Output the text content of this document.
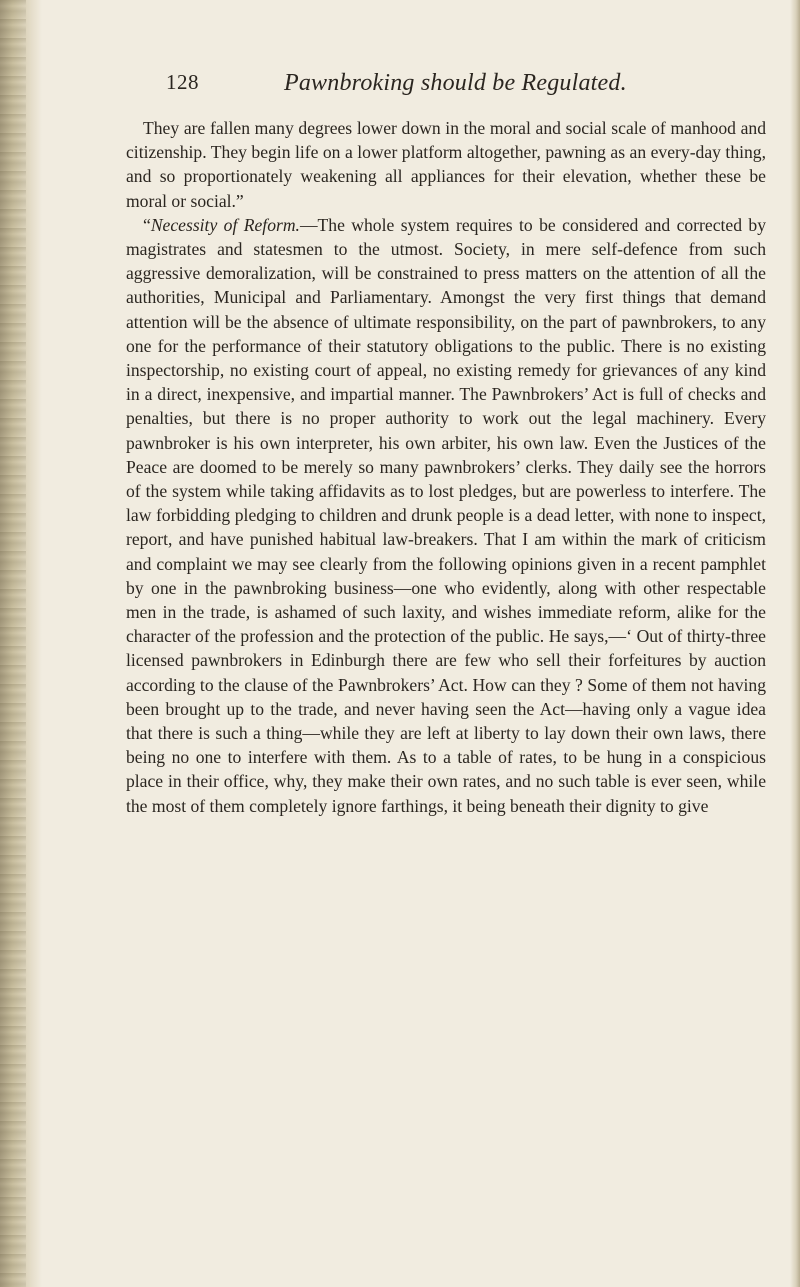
128	Pawnbroking should be Regulated.

They are fallen many degrees lower down in the moral and social scale of manhood and citizenship. They begin life on a lower platform altogether, pawning as an every-day thing, and so proportionately weakening all appliances for their elevation, whether these be moral or social.”

“Necessity of Reform.—The whole system requires to be considered and corrected by magistrates and statesmen to the utmost. Society, in mere self-defence from such aggressive demoralization, will be constrained to press matters on the attention of all the authorities, Municipal and Parliamentary. Amongst the very first things that demand attention will be the absence of ultimate responsibility, on the part of pawnbrokers, to any one for the performance of their statutory obligations to the public. There is no existing inspectorship, no existing court of appeal, no existing remedy for grievances of any kind in a direct, inexpensive, and impartial manner. The Pawnbrokers’ Act is full of checks and penalties, but there is no proper authority to work out the legal machinery. Every pawnbroker is his own interpreter, his own arbiter, his own law. Even the Justices of the Peace are doomed to be merely so many pawnbrokers’ clerks. They daily see the horrors of the system while taking affidavits as to lost pledges, but are powerless to interfere. The law forbidding pledging to children and drunk people is a dead letter, with none to inspect, report, and have punished habitual law-breakers. That I am within the mark of criticism and complaint we may see clearly from the following opinions given in a recent pamphlet by one in the pawnbroking business—one who evidently, along with other respectable men in the trade, is ashamed of such laxity, and wishes immediate reform, alike for the character of the profession and the protection of the public. He says,—‘ Out of thirty-three licensed pawnbrokers in Edinburgh there are few who sell their forfeitures by auction according to the clause of the Pawnbrokers’ Act. How can they ? Some of them not having been brought up to the trade, and never having seen the Act—having only a vague idea that there is such a thing—while they are left at liberty to lay down their own laws, there being no one to interfere with them. As to a table of rates, to be hung in a conspicious place in their office, why, they make their own rates, and no such table is ever seen, while the most of them completely ignore farthings, it being beneath their dignity to give
